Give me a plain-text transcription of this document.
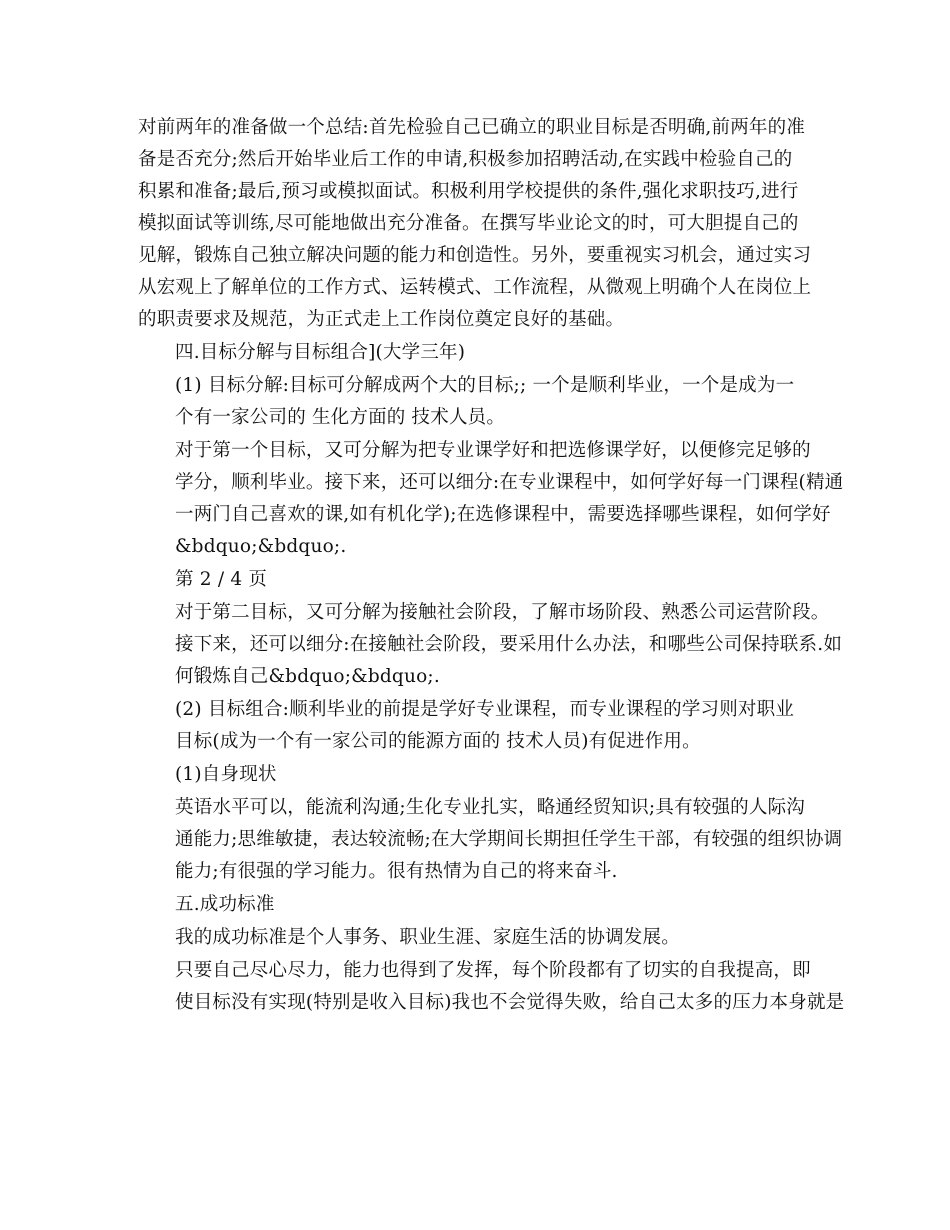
对前两年的准备做一个总结:首先检验自己已确立的职业目标是否明确,前两年的准
备是否充分;然后开始毕业后工作的申请,积极参加招聘活动,在实践中检验自己的
积累和准备;最后,预习或模拟面试。积极利用学校提供的条件,强化求职技巧,进行
模拟面试等训练,尽可能地做出充分准备。在撰写毕业论文的时，可大胆提自己的
见解，锻炼自己独立解决问题的能力和创造性。另外，要重视实习机会，通过实习
从宏观上了解单位的工作方式、运转模式、工作流程，从微观上明确个人在岗位上
的职责要求及规范，为正式走上工作岗位奠定良好的基础。
四.目标分解与目标组合](大学三年)
(1) 目标分解:目标可分解成两个大的目标;; 一个是顺利毕业，一个是成为一
个有一家公司的 生化方面的 技术人员。
对于第一个目标，又可分解为把专业课学好和把选修课学好，以便修完足够的
学分，顺利毕业。接下来，还可以细分:在专业课程中，如何学好每一门课程(精通
一两门自己喜欢的课,如有机化学);在选修课程中，需要选择哪些课程，如何学好
&bdquo;&bdquo;.
第 2 / 4 页
对于第二目标，又可分解为接触社会阶段，了解市场阶段、熟悉公司运营阶段。
接下来，还可以细分:在接触社会阶段，要采用什么办法，和哪些公司保持联系.如
何锻炼自己&bdquo;&bdquo;.
(2) 目标组合:顺利毕业的前提是学好专业课程，而专业课程的学习则对职业
目标(成为一个有一家公司的能源方面的 技术人员)有促进作用。
(1)自身现状
英语水平可以，能流利沟通;生化专业扎实，略通经贸知识;具有较强的人际沟
通能力;思维敏捷，表达较流畅;在大学期间长期担任学生干部，有较强的组织协调
能力;有很强的学习能力。很有热情为自己的将来奋斗.
五.成功标准
我的成功标准是个人事务、职业生涯、家庭生活的协调发展。
只要自己尽心尽力，能力也得到了发挥，每个阶段都有了切实的自我提高，即
使目标没有实现(特别是收入目标)我也不会觉得失败，给自己太多的压力本身就是
